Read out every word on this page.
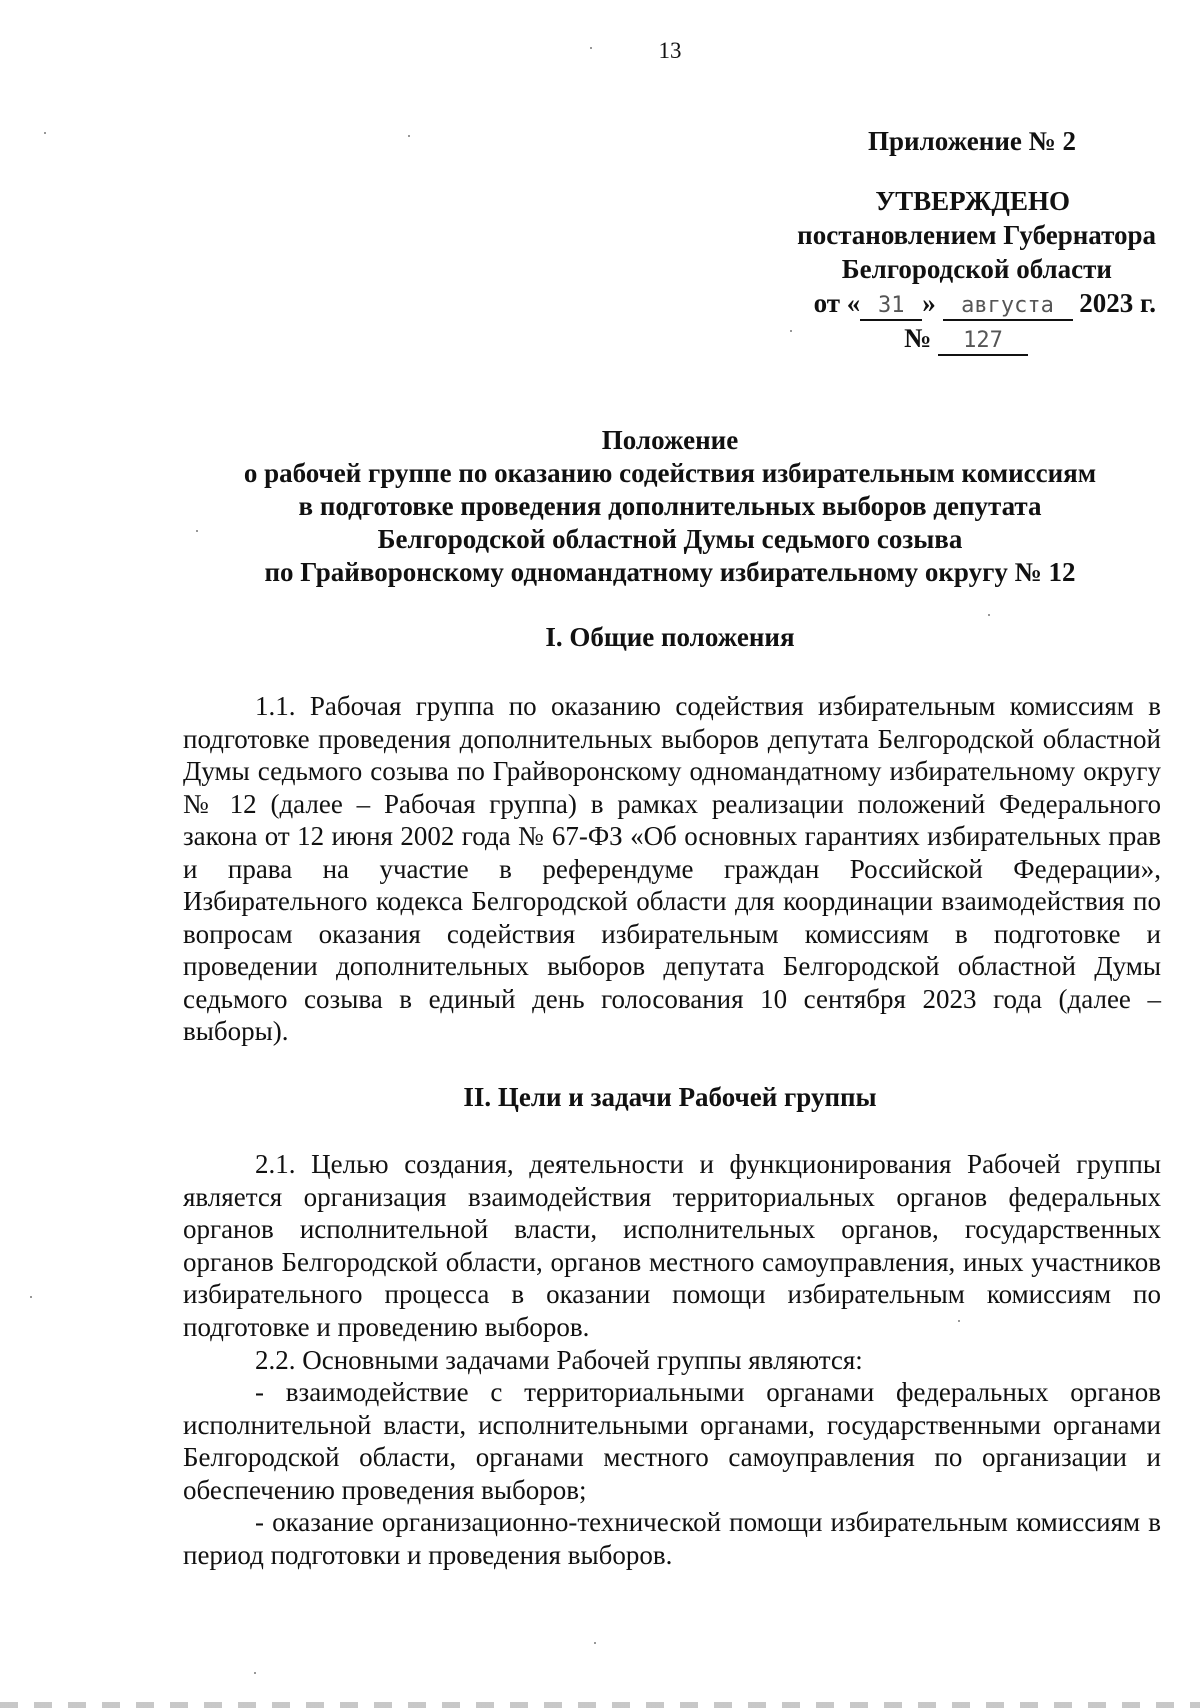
13
Приложение № 2
УТВЕРЖДЕНО
постановлением Губернатора
Белгородской области
от « 31 » августа 2023 г.
№ 127
Положение
о рабочей группе по оказанию содействия избирательным комиссиям
в подготовке проведения дополнительных выборов депутата
Белгородской областной Думы седьмого созыва
по Грайворонскому одномандатному избирательному округу № 12
I. Общие положения
1.1. Рабочая группа по оказанию содействия избирательным комиссиям в подготовке проведения дополнительных выборов депутата Белгородской областной Думы седьмого созыва по Грайворонскому одномандатному избирательному округу № 12 (далее – Рабочая группа) в рамках реализации положений Федерального закона от 12 июня 2002 года № 67-ФЗ «Об основных гарантиях избирательных прав и права на участие в референдуме граждан Российской Федерации», Избирательного кодекса Белгородской области для координации взаимодействия по вопросам оказания содействия избирательным комиссиям в подготовке и проведении дополнительных выборов депутата Белгородской областной Думы седьмого созыва в единый день голосования 10 сентября 2023 года (далее – выборы).
II. Цели и задачи Рабочей группы
2.1. Целью создания, деятельности и функционирования Рабочей группы является организация взаимодействия территориальных органов федеральных органов исполнительной власти, исполнительных органов, государственных органов Белгородской области, органов местного самоуправления, иных участников избирательного процесса в оказании помощи избирательным комиссиям по подготовке и проведению выборов.
2.2. Основными задачами Рабочей группы являются:
- взаимодействие с территориальными органами федеральных органов исполнительной власти, исполнительными органами, государственными органами Белгородской области, органами местного самоуправления по организации и обеспечению проведения выборов;
- оказание организационно-технической помощи избирательным комиссиям в период подготовки и проведения выборов.
